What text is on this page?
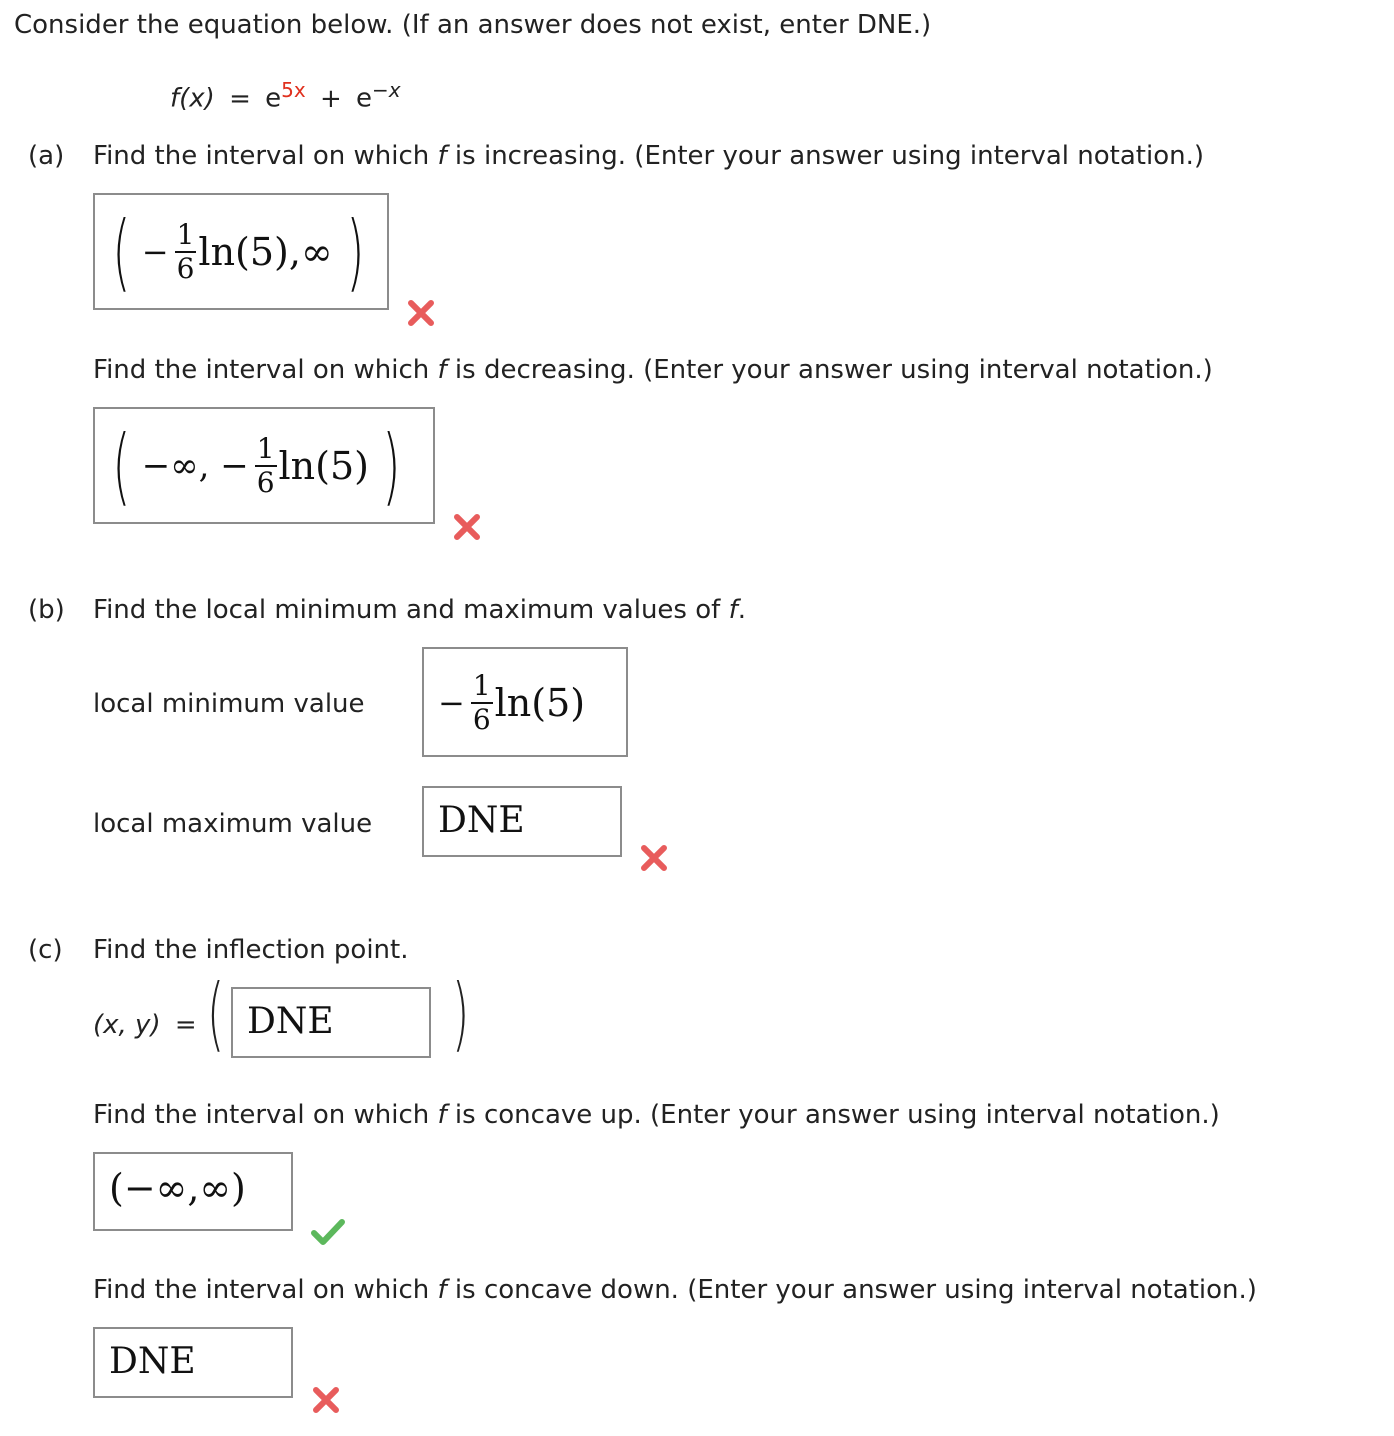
Consider the equation below. (If an answer does not exist, enter DNE.)
$f(x) = e^{5x} + e^{-x}$
(a) Find the interval on which f is increasing. (Enter your answer using interval notation.)
( − $\frac{1}{6} \ln(5),\infty$ )
Find the interval on which f is decreasing. (Enter your answer using interval notation.)
( −∞, − $\frac{1}{6} \ln(5)$ )
(b) Find the local minimum and maximum values of f.
local minimum value − $\frac{1}{6} \ln(5)$
local maximum value DNE
(c) Find the inflection point.
(x, y) = ( DNE )
Find the interval on which f is concave up. (Enter your answer using interval notation.)
(−∞,∞)
Find the interval on which f is concave down. (Enter your answer using interval notation.)
DNE
